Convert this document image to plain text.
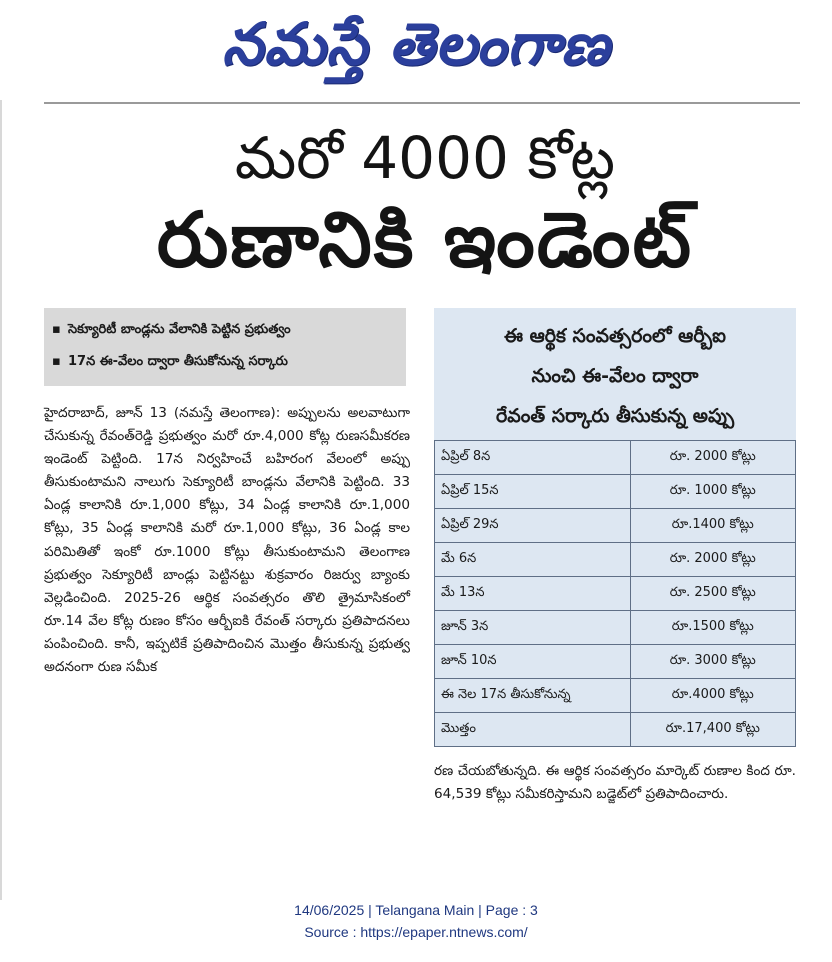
నమస్తే తెలంగాణ
మరో 4000 కోట్ల
రుణానికి ఇండెంట్
▪ సెక్యూరిటీ బాండ్లను వేలానికి పెట్టిన ప్రభుత్వం
▪ 17న ఈ-వేలం ద్వారా తీసుకోనున్న సర్కారు
హైదరాబాద్, జూన్ 13 (నమస్తే తెలంగాణ): అప్పులను అలవాటుగా చేసుకున్న రేవంత్‌రెడ్డి ప్రభుత్వం మరో రూ.4,000 కోట్ల రుణసమీకరణ ఇండెంట్ పెట్టింది. 17న నిర్వహించే బహిరంగ వేలంలో అప్పు తీసుకుంటామని నాలుగు సెక్యూరిటీ బాండ్లను వేలానికి పెట్టింది. 33 ఏండ్ల కాలానికి రూ.1,000 కోట్లు, 34 ఏండ్ల కాలానికి రూ.1,000 కోట్లు, 35 ఏండ్ల కాలానికి మరో రూ.1,000 కోట్లు, 36 ఏండ్ల కాల పరిమితితో ఇంకో రూ.1000 కోట్లు తీసుకుంటామని తెలంగాణ ప్రభుత్వం సెక్యూరిటీ బాండ్లు పెట్టినట్టు శుక్రవారం రిజర్వు బ్యాంకు వెల్లడించింది. 2025-26 ఆర్థిక సంవత్సరం తొలి త్రైమాసికంలో రూ.14 వేల కోట్ల రుణం కోసం ఆర్బీఐకి రేవంత్ సర్కారు ప్రతిపాదనలు పంపించింది. కానీ, ఇప్పటికే ప్రతిపాదించిన మొత్తం తీసుకున్న ప్రభుత్వ అదనంగా రుణ సమీక
ఈ ఆర్థిక సంవత్సరంలో ఆర్బీఐ
నుంచి ఈ-వేలం ద్వారా
రేవంత్ సర్కారు తీసుకున్న అప్పు
ఏప్రిల్ 8న	రూ. 2000 కోట్లు
ఏప్రిల్ 15న	రూ. 1000 కోట్లు
ఏప్రిల్ 29న	రూ.1400 కోట్లు
మే 6న	రూ. 2000 కోట్లు
మే 13న	రూ. 2500 కోట్లు
జూన్ 3న	రూ.1500 కోట్లు
జూన్ 10న	రూ. 3000 కోట్లు
ఈ నెల 17న తీసుకోనున్న	రూ.4000 కోట్లు
మొత్తం	రూ.17,400 కోట్లు
రణ చేయబోతున్నది. ఈ ఆర్థిక సంవత్సరం మార్కెట్ రుణాల కింద రూ. 64,539 కోట్లు సమీకరిస్తామని బడ్జెట్‌లో ప్రతిపాదించారు.
14/06/2025 | Telangana Main | Page : 3
Source : https://epaper.ntnews.com/
